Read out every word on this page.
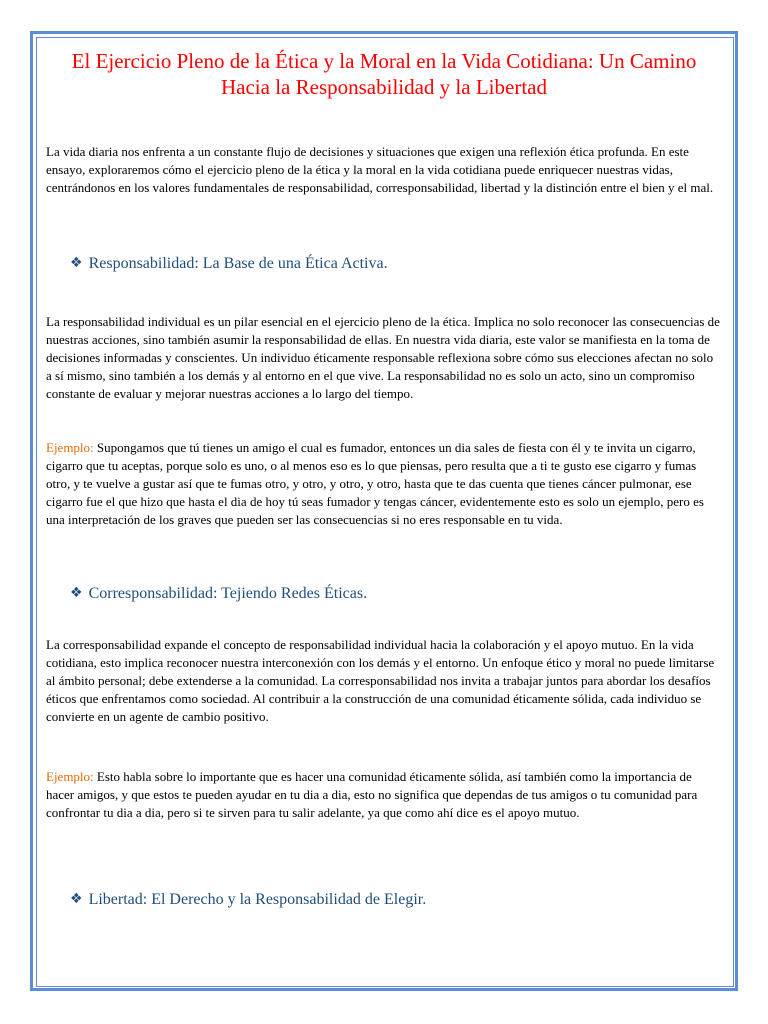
El Ejercicio Pleno de la Ética y la Moral en la Vida Cotidiana: Un Camino Hacia la Responsabilidad y la Libertad

La vida diaria nos enfrenta a un constante flujo de decisiones y situaciones que exigen una reflexión ética profunda. En este ensayo, exploraremos cómo el ejercicio pleno de la ética y la moral en la vida cotidiana puede enriquecer nuestras vidas, centrándonos en los valores fundamentales de responsabilidad, corresponsabilidad, libertad y la distinción entre el bien y el mal.

❖ Responsabilidad: La Base de una Ética Activa.

La responsabilidad individual es un pilar esencial en el ejercicio pleno de la ética. Implica no solo reconocer las consecuencias de nuestras acciones, sino también asumir la responsabilidad de ellas. En nuestra vida diaria, este valor se manifiesta en la toma de decisiones informadas y conscientes. Un individuo éticamente responsable reflexiona sobre cómo sus elecciones afectan no solo a sí mismo, sino también a los demás y al entorno en el que vive. La responsabilidad no es solo un acto, sino un compromiso constante de evaluar y mejorar nuestras acciones a lo largo del tiempo.

Ejemplo: Supongamos que tú tienes un amigo el cual es fumador, entonces un dia sales de fiesta con él y te invita un cigarro, cigarro que tu aceptas, porque solo es uno, o al menos eso es lo que piensas, pero resulta que a ti te gusto ese cigarro y fumas otro, y te vuelve a gustar así que te fumas otro, y otro, y otro, y otro, hasta que te das cuenta que tienes cáncer pulmonar, ese cigarro fue el que hizo que hasta el dia de hoy tú seas fumador y tengas cáncer, evidentemente esto es solo un ejemplo, pero es una interpretación de los graves que pueden ser las consecuencias si no eres responsable en tu vida.

❖ Corresponsabilidad: Tejiendo Redes Éticas.

La corresponsabilidad expande el concepto de responsabilidad individual hacia la colaboración y el apoyo mutuo. En la vida cotidiana, esto implica reconocer nuestra interconexión con los demás y el entorno. Un enfoque ético y moral no puede limitarse al ámbito personal; debe extenderse a la comunidad. La corresponsabilidad nos invita a trabajar juntos para abordar los desafíos éticos que enfrentamos como sociedad. Al contribuir a la construcción de una comunidad éticamente sólida, cada individuo se convierte en un agente de cambio positivo.

Ejemplo: Esto habla sobre lo importante que es hacer una comunidad éticamente sólida, así también como la importancia de hacer amigos, y que estos te pueden ayudar en tu dia a dia, esto no significa que dependas de tus amigos o tu comunidad para confrontar tu dia a dia, pero si te sirven para tu salir adelante, ya que como ahí dice es el apoyo mutuo.

❖ Libertad: El Derecho y la Responsabilidad de Elegir.
